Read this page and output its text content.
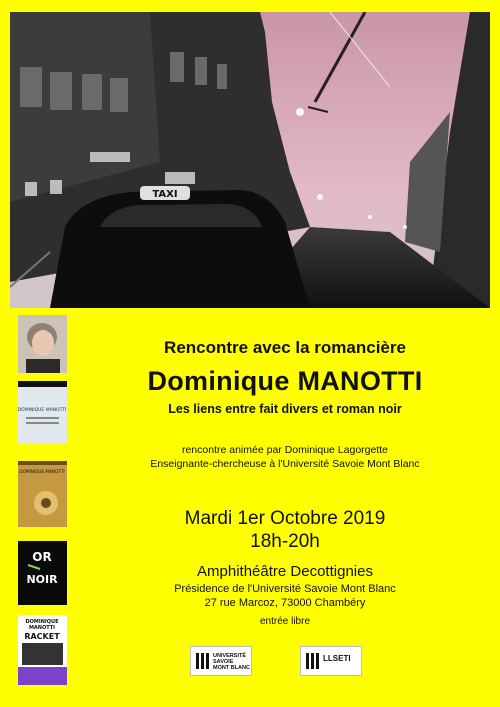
TAXI
DOMINIQUE MANOTTI
DOMINIQUE MANOTTI
OR
NOIR
DOMINIQUE
MANOTTI
RACKET
Rencontre avec la romancière
Dominique MANOTTI
Les liens entre fait divers et roman noir
rencontre animée par Dominique Lagorgette
Enseignante-chercheuse à l'Université Savoie Mont Blanc
Mardi 1er Octobre 2019
18h-20h
Amphithéâtre Decottignies
Présidence de l'Université Savoie Mont Blanc
27 rue Marcoz, 73000 Chambéry
entrée libre
UNIVERSITÉ
SAVOIE
MONT BLANC
LLSETI
